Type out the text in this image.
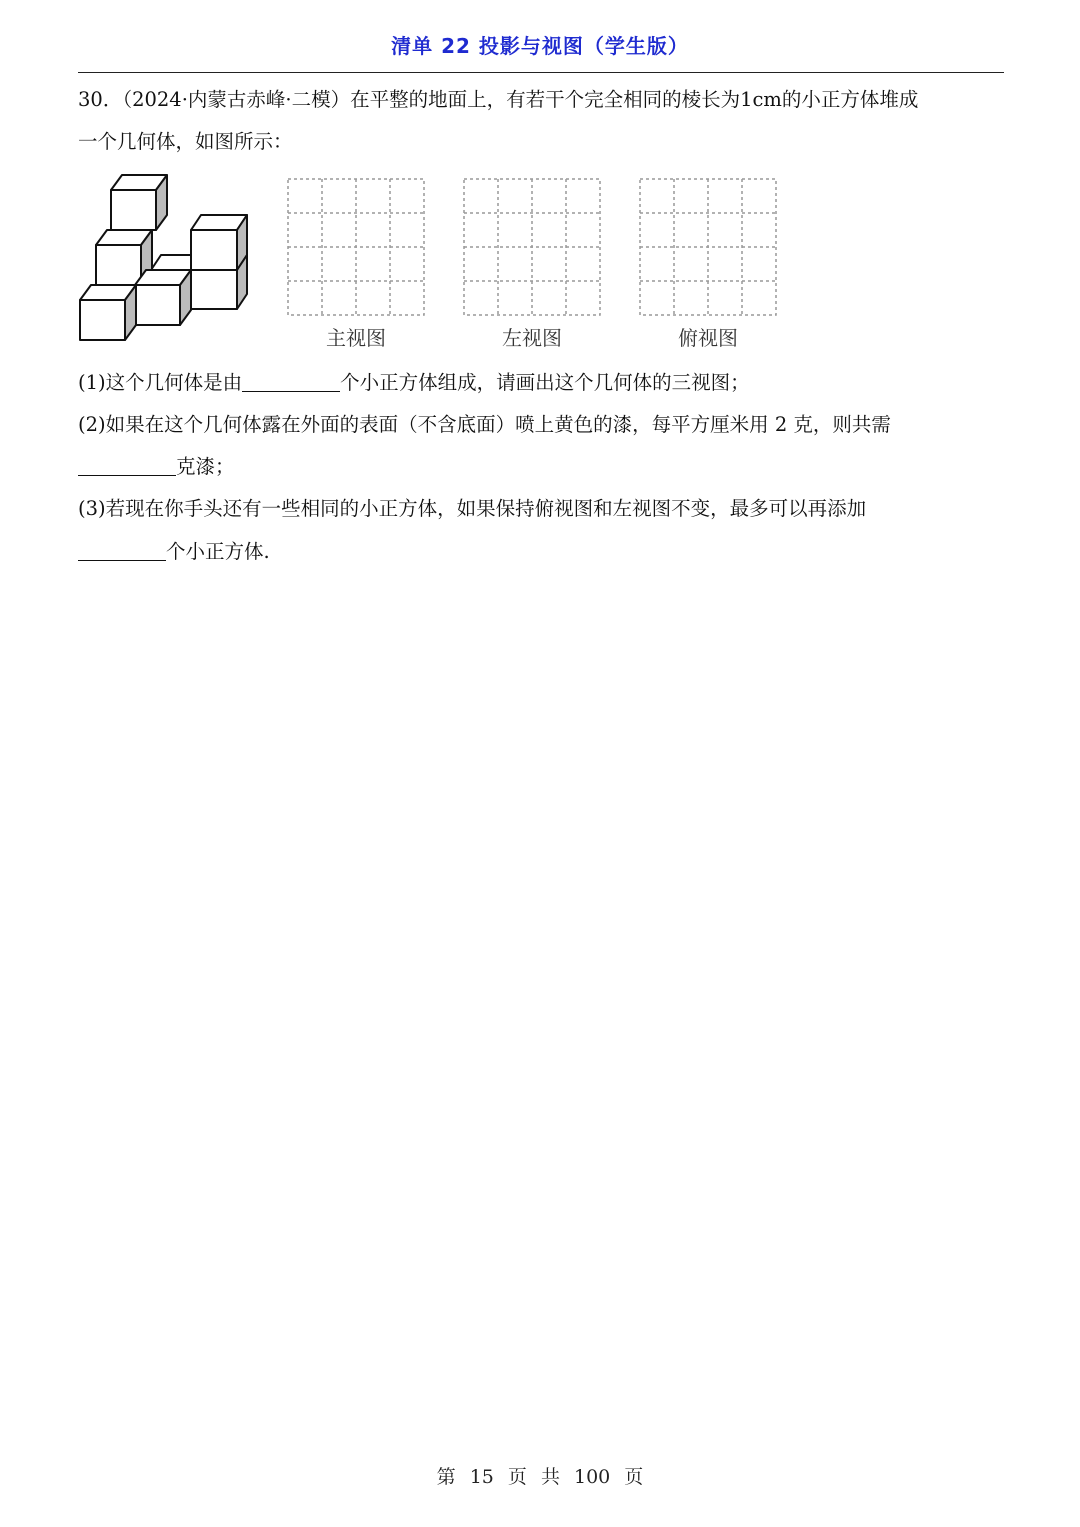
清单 22 投影与视图（学生版）
30．（2024·内蒙古赤峰·二模）在平整的地面上，有若干个完全相同的棱长为1cm的小正方体堆成
一个几何体，如图所示：
主视图	左视图	俯视图
(1)这个几何体是由	个小正方体组成，请画出这个几何体的三视图；
(2)如果在这个几何体露在外面的表面（不含底面）喷上黄色的漆，每平方厘米用 2 克，则共需
克漆；
(3)若现在你手头还有一些相同的小正方体，如果保持俯视图和左视图不变，最多可以再添加
个小正方体.
第 15 页 共 100 页
